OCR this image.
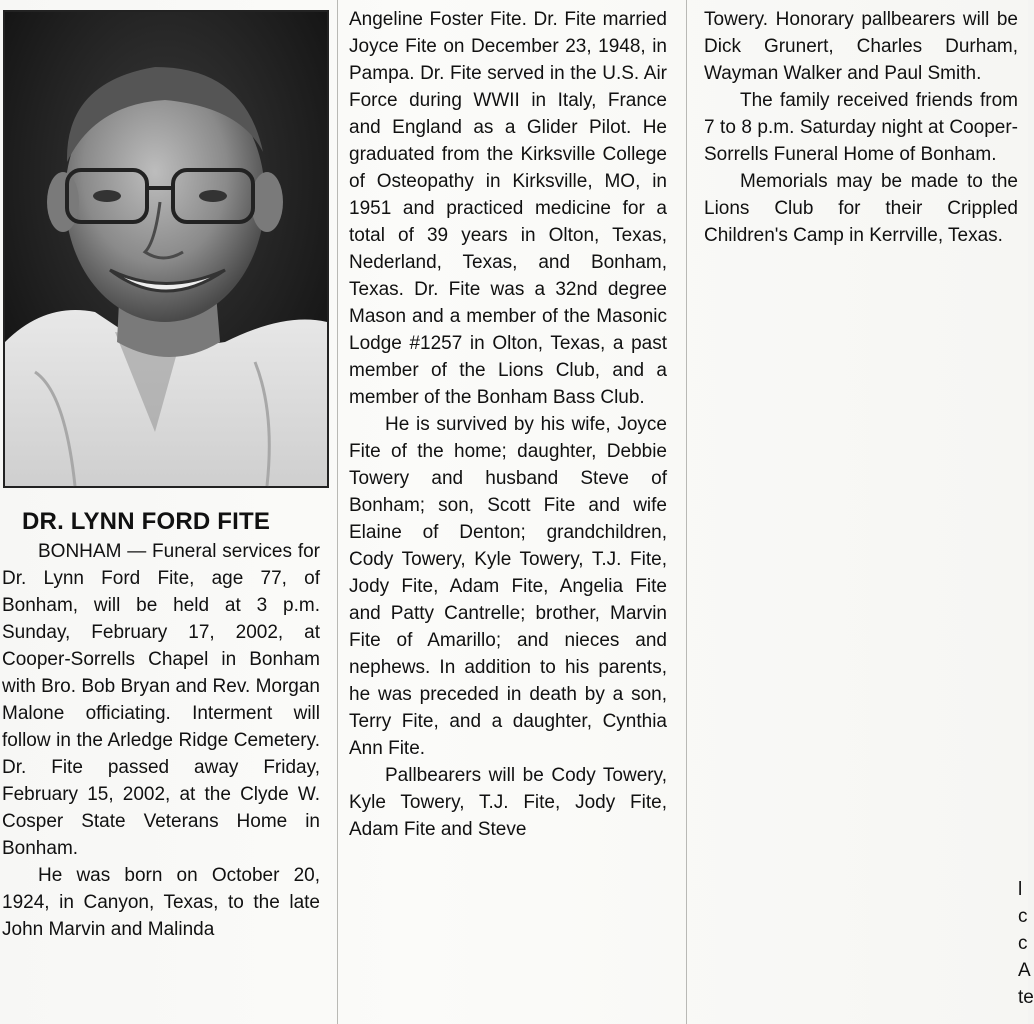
DR. LYNN FORD FITE

BONHAM — Funeral services for Dr. Lynn Ford Fite, age 77, of Bonham, will be held at 3 p.m. Sunday, February 17, 2002, at Cooper-Sorrells Chapel in Bonham with Bro. Bob Bryan and Rev. Morgan Malone officiating. Interment will follow in the Arledge Ridge Cemetery. Dr. Fite passed away Friday, February 15, 2002, at the Clyde W. Cosper State Veterans Home in Bonham.

He was born on October 20, 1924, in Canyon, Texas, to the late John Marvin and Malinda

Angeline Foster Fite. Dr. Fite married Joyce Fite on December 23, 1948, in Pampa. Dr. Fite served in the U.S. Air Force during WWII in Italy, France and England as a Glider Pilot. He graduated from the Kirksville College of Osteopathy in Kirksville, MO, in 1951 and practiced medicine for a total of 39 years in Olton, Texas, Nederland, Texas, and Bonham, Texas. Dr. Fite was a 32nd degree Mason and a member of the Masonic Lodge #1257 in Olton, Texas, a past member of the Lions Club, and a member of the Bonham Bass Club.

He is survived by his wife, Joyce Fite of the home; daughter, Debbie Towery and husband Steve of Bonham; son, Scott Fite and wife Elaine of Denton; grandchildren, Cody Towery, Kyle Towery, T.J. Fite, Jody Fite, Adam Fite, Angelia Fite and Patty Cantrelle; brother, Marvin Fite of Amarillo; and nieces and nephews. In addition to his parents, he was preceded in death by a son, Terry Fite, and a daughter, Cynthia Ann Fite.

Pallbearers will be Cody Towery, Kyle Towery, T.J. Fite, Jody Fite, Adam Fite and Steve

Towery. Honorary pallbearers will be Dick Grunert, Charles Durham, Wayman Walker and Paul Smith.

The family received friends from 7 to 8 p.m. Saturday night at Cooper-Sorrells Funeral Home of Bonham.

Memorials may be made to the Lions Club for their Crippled Children's Camp in Kerrville, Texas.

l
c
c
A
te
